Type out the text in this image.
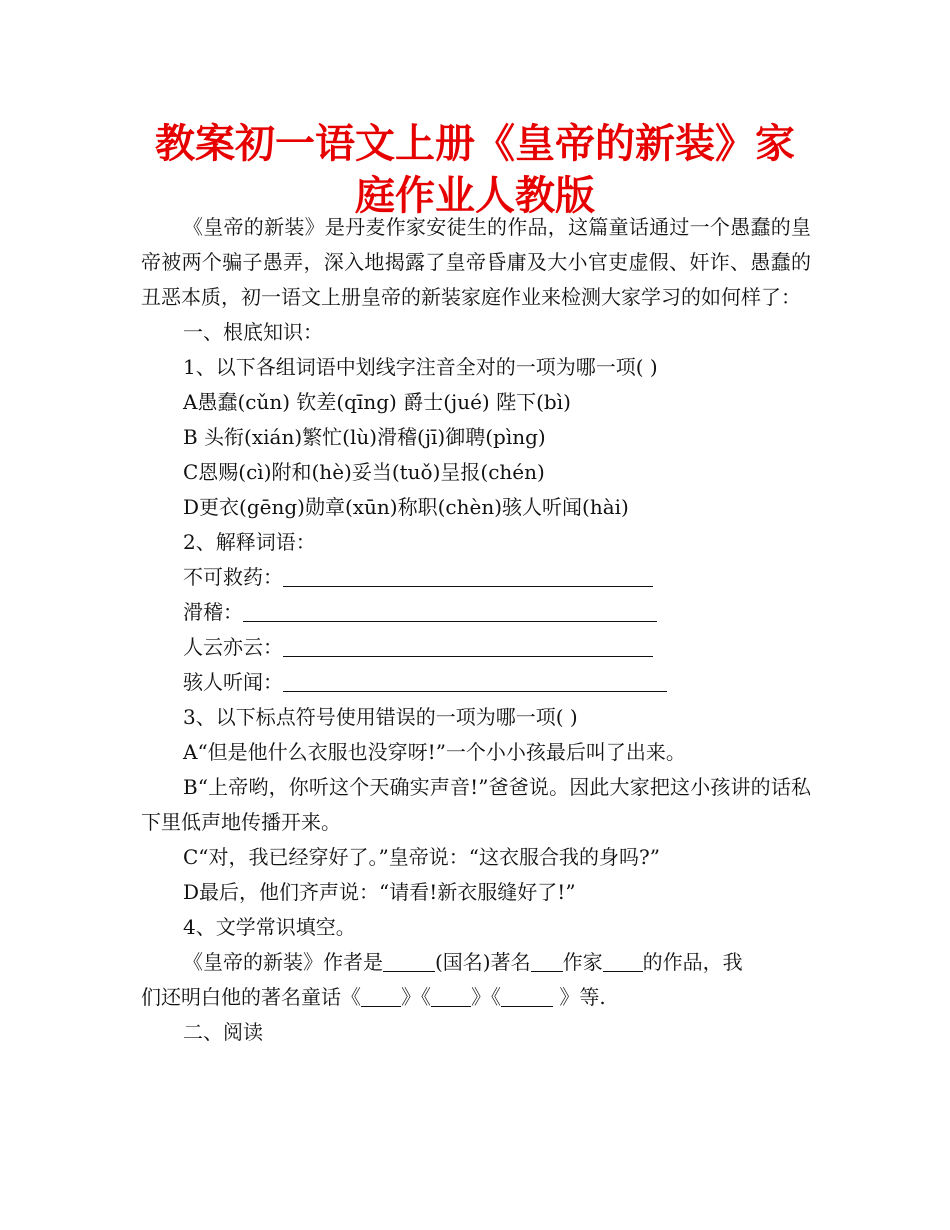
教案初一语文上册《皇帝的新装》家庭作业人教版

《皇帝的新装》是丹麦作家安徒生的作品，这篇童话通过一个愚蠢的皇帝被两个骗子愚弄，深入地揭露了皇帝昏庸及大小官吏虚假、奸诈、愚蠢的丑恶本质，初一语文上册皇帝的新装家庭作业来检测大家学习的如何样了：

一、根底知识：

1、以下各组词语中划线字注音全对的一项为哪一项( )

A愚蠢(cǔn) 钦差(qīng) 爵士(jué) 陛下(bì)

B 头衔(xián)繁忙(lù)滑稽(jī)御聘(pìng)

C恩赐(cì)附和(hè)妥当(tuǒ)呈报(chén)

D更衣(gēng)勋章(xūn)称职(chèn)骇人听闻(hài)

2、解释词语：

不可救药：

滑稽：

人云亦云：

骇人听闻：

3、以下标点符号使用错误的一项为哪一项( )

A“但是他什么衣服也没穿呀!”一个小小孩最后叫了出来。

B“上帝哟，你听这个天确实声音!”爸爸说。因此大家把这小孩讲的话私下里低声地传播开来。

C“对，我已经穿好了。”皇帝说：“这衣服合我的身吗?”

D最后，他们齐声说：“请看!新衣服缝好了!”

4、文学常识填空。

《皇帝的新装》作者是	(国名)著名 作家 的作品，我

们还明白他的著名童话《 》《 》《	》等.

二、阅读
